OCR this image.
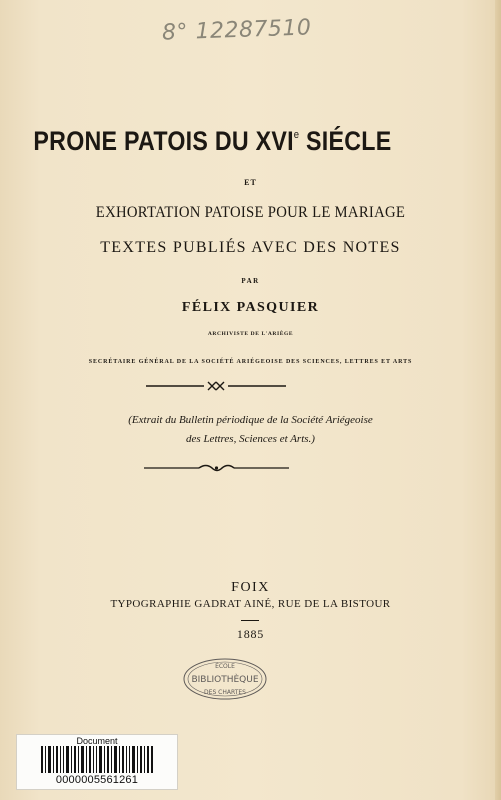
8° 12287510
PRONE PATOIS DU XVIe SIÉCLE
ET
EXHORTATION PATOISE POUR LE MARIAGE
TEXTES PUBLIÉS AVEC DES NOTES
PAR
FÉLIX PASQUIER
ARCHIVISTE DE L'ARIÈGE
SECRÉTAIRE GÉNÉRAL DE LA SOCIÉTÉ ARIÉGEOISE DES SCIENCES, LETTRES ET ARTS
(Extrait du Bulletin périodique de la Société Ariégeoise
des Lettres, Sciences et Arts.)
FOIX
TYPOGRAPHIE GADRAT AINÉ, RUE DE LA BISTOUR
1885
ÉCOLE
BIBLIOTHÈQUE
DES CHARTES
Document
0000005561261
